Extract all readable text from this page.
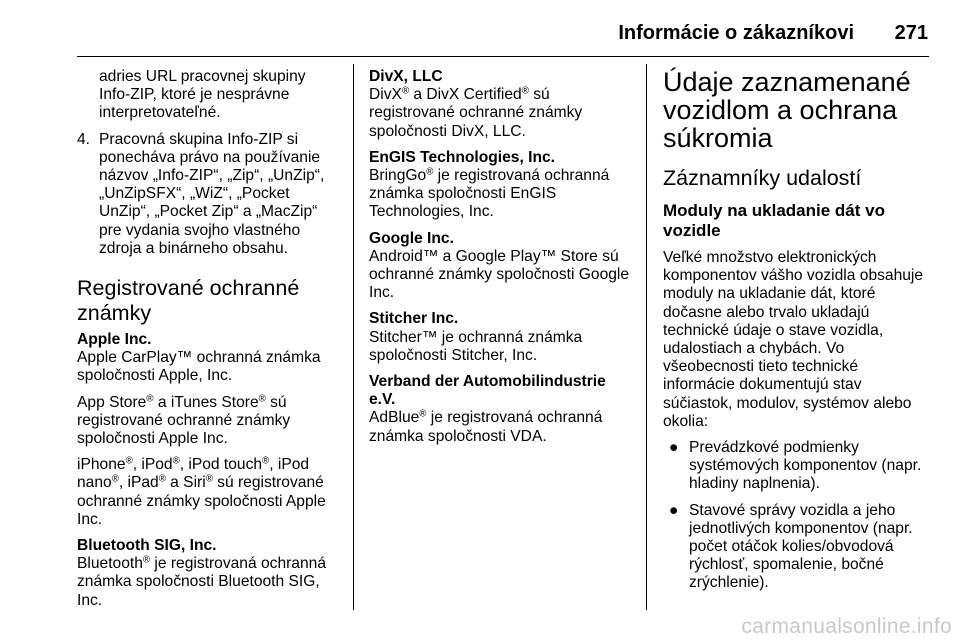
Informácie o zákazníkovi 271

adries URL pracovnej skupiny Info-ZIP, ktoré je nesprávne interpretovateľné.

4. Pracovná skupina Info-ZIP si ponecháva právo na používanie názvov „Info-ZIP“, „Zip“, „UnZip“, „UnZipSFX“, „WiZ“, „Pocket UnZip“, „Pocket Zip“ a „MacZip“ pre vydania svojho vlastného zdroja a binárneho obsahu.
Registrované ochranné známky
Apple Inc.

Apple CarPlay™ ochranná známka spoločnosti Apple, Inc.

App Store® a iTunes Store® sú registrované ochranné známky spoločnosti Apple Inc.

iPhone®, iPod®, iPod touch®, iPod nano®, iPad® a Siri® sú registrované ochranné známky spoločnosti Apple Inc.

Bluetooth SIG, Inc.

Bluetooth® je registrovaná ochranná známka spoločnosti Bluetooth SIG, Inc.

DivX, LLC

DivX® a DivX Certified® sú registrované ochranné známky spoločnosti DivX, LLC.

EnGIS Technologies, Inc.

BringGo® je registrovaná ochranná známka spoločnosti EnGIS Technologies, Inc.

Google Inc.

Android™ a Google Play™ Store sú ochranné známky spoločnosti Google Inc.

Stitcher Inc.

Stitcher™ je ochranná známka spoločnosti Stitcher, Inc.

Verband der Automobilindustrie e.V.

AdBlue® je registrovaná ochranná známka spoločnosti VDA.

Údaje zaznamenané vozidlom a ochrana súkromia
Záznamníky udalostí
Moduly na ukladanie dát vo vozidle

Veľké množstvo elektronických komponentov vášho vozidla obsahuje moduly na ukladanie dát, ktoré dočasne alebo trvalo ukladajú technické údaje o stave vozidla, udalostiach a chybách. Vo všeobecnosti tieto technické informácie dokumentujú stav súčiastok, modulov, systémov alebo okolia:

● Prevádzkové podmienky systémových komponentov (napr. hladiny naplnenia).
● Stavové správy vozidla a jeho jednotlivých komponentov (napr. počet otáčok kolies/obvodová rýchlosť, spomalenie, bočné zrýchlenie).
carmanualsonline.info
